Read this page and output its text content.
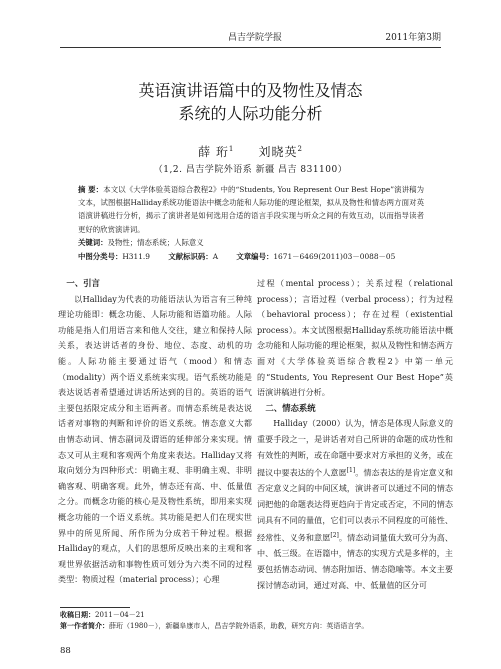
昌吉学院学报	2011年第3期
英语演讲语篇中的及物性及情态
系统的人际功能分析
薛 珩$^1$ 刘晓英$^2$
（1,2. 昌吉学院外语系 新疆 昌吉 831100）
摘 要：本文以《大学体验英语综合教程2》中的“Students, You Represent Our Best Hope”演讲稿为文本，试图根据Halliday系统功能语法中概念功能和人际功能的理论框架，拟从及物性和情态两方面对英语演讲稿进行分析，揭示了演讲者是如何选用合适的语言手段实现与听众之间的有效互动，以而指导读者更好的欣赏演讲词。
关键词：及物性；情态系统；人际意义
中图分类号：H311.9 文献标识码：A 文章编号：1671－6469(2011)03－0088－05
一、引言

以Halliday为代表的功能语法认为语言有三种纯理论功能即：概念功能、人际功能和语篇功能。人际功能是指人们用语言来和他人交往，建立和保持人际关系，表达讲话者的身份、地位、态度、动机的功能。人际功能主要通过语气（mood）和情态（modality）两个语义系统来实现。语气系统功能是表达说话者希望通过讲话所达到的目的。英语的语气主要包括限定成分和主语两者。而情态系统是表达说话者对事物的判断和评价的语义系统。情态意义大都由情态动词、情态副词及谓语的延伸部分来实现。情态又可从主观和客观两个角度来表达。Halliday又将取向划分为四种形式：明确主观、非明确主观、非明确客观、明确客观。此外，情态还有高、中、低量值之分。而概念功能的核心是及物性系统，即用来实现概念功能的一个语义系统。其功能是把人们在现实世界中的所见所闻、所作所为分成若干种过程。根据Halliday的观点，人们的思想所反映出来的主观和客观世界依据活动和事物性质可划分为六类不同的过程类型：物质过程（material process）；心理

过程（mental process）；关系过程（relational process）；言语过程（verbal process）；行为过程（behavioral process）；存在过程（existential process）。本文试图根据Halliday系统功能语法中概念功能和人际功能的理论框架，拟从及物性和情态两方面对《大学体验英语综合教程2》中第一单元的“Students, You Represent Our Best Hope”英语演讲稿进行分析。

二、情态系统

Halliday（2000）认为，情态是体现人际意义的重要手段之一，是讲话者对自己所讲的命题的成功性和有效性的判断，或在命题中要求对方承担的义务，或在提议中要表达的个人意愿[1]。情态表达的是肯定意义和否定意义之间的中间区域，演讲者可以通过不同的情态词把他的命题表达得更趋向于肯定或否定，不同的情态词具有不同的量值，它们可以表示不同程度的可能性、经常性、义务和意愿[2]。情态动词量值大致可分为高、中、低三级。在语篇中，情态的实现方式是多样的，主要包括情态动词、情态附加语、情态隐喻等。本文主要探讨情态动词，通过对高、中、低量值的区分可

收稿日期：2011－04－21
第一作者简介：薛珩（1980－），新疆阜康市人，昌吉学院外语系，助教，研究方向：英语语言学。
88
